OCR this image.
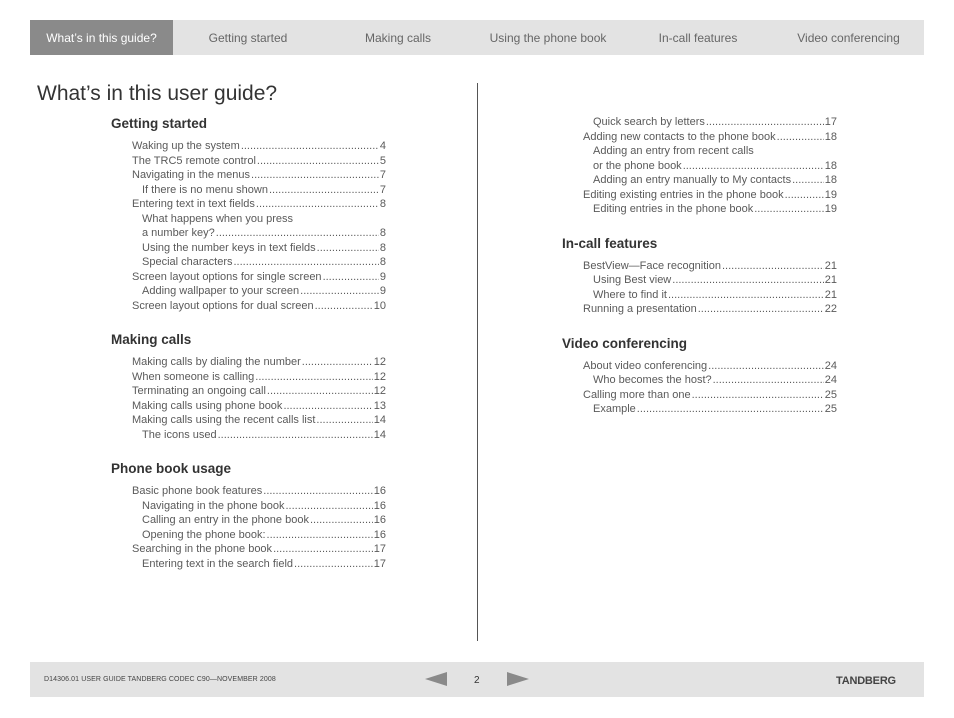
What’s in this guide?	Getting started	Making calls	Using the phone book	In-call features	Video conferencing
What’s in this user guide?
Getting started
Waking up the system .....	4
The TRC5 remote control .....	5
Navigating in the menus .....	7
If there is no menu shown .....	7
Entering text in text fields .....	8
What happens when you press
a number key? .....	8
Using the number keys in text fields .....	8
Special characters .....	8
Screen layout options for single screen .....	9
Adding wallpaper to your screen .....	9
Screen layout options for dual screen .....	10
Making calls
Making calls by dialing the number .....	12
When someone is calling .....	12
Terminating an ongoing call .....	12
Making calls using phone book .....	13
Making calls using the recent calls list .....	14
The icons used .....	14
Phone book usage
Basic phone book features .....	16
Navigating in the phone book .....	16
Calling an entry in the phone book .....	16
Opening the phone book: .....	16
Searching in the phone book .....	17
Entering text in the search field .....	17
Quick search by letters .....	17
Adding new contacts to the phone book .....	18
Adding an entry from recent calls
or the phone book .....	18
Adding an entry manually to My contacts .....	18
Editing existing entries in the phone book .....	19
Editing entries in the phone book .....	19
In-call features
BestView—Face recognition .....	21
Using Best view .....	21
Where to find it .....	21
Running a presentation .....	22
Video conferencing
About video conferencing .....	24
Who becomes the host? .....	24
Calling more than one .....	25
Example .....	25
D14306.01 USER GUIDE TANDBERG CODEC C90—NOVEMBER 2008	2	TANDBERG
